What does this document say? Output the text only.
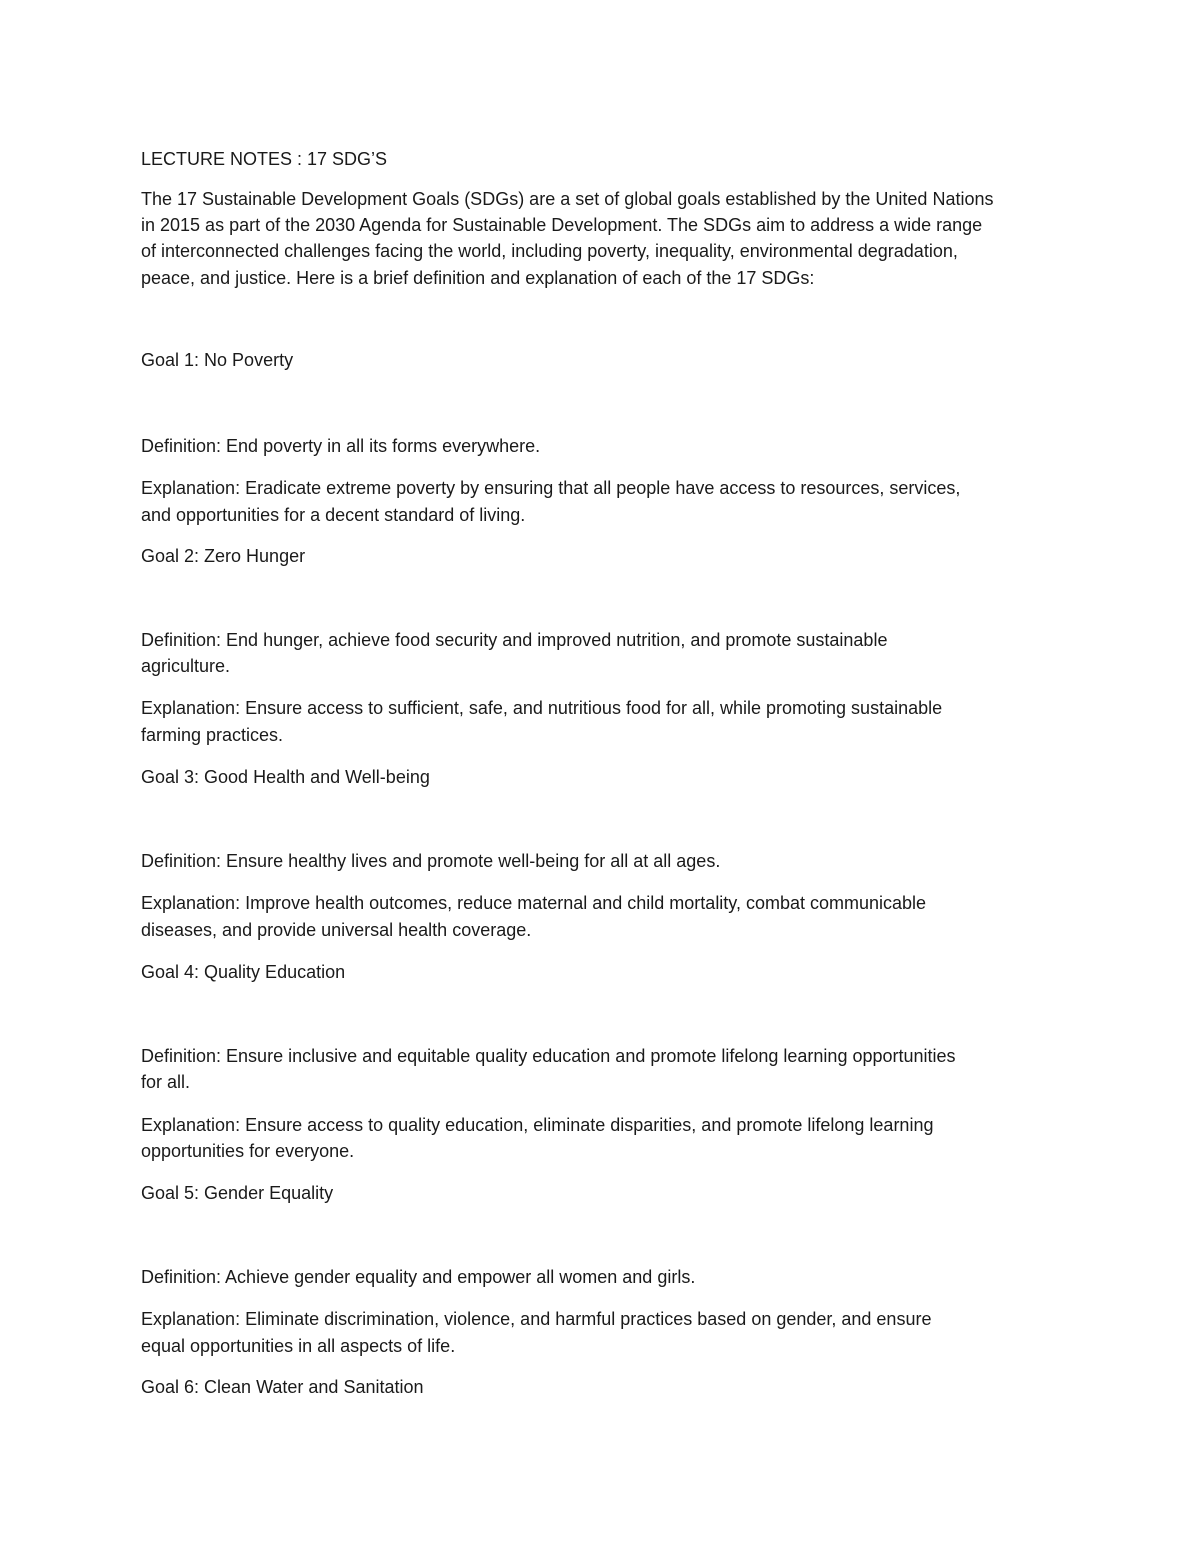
LECTURE NOTES : 17 SDG’S

The 17 Sustainable Development Goals (SDGs) are a set of global goals established by the United Nations

in 2015 as part of the 2030 Agenda for Sustainable Development. The SDGs aim to address a wide range

of interconnected challenges facing the world, including poverty, inequality, environmental degradation,

peace, and justice. Here is a brief definition and explanation of each of the 17 SDGs:

Goal 1: No Poverty

Definition: End poverty in all its forms everywhere.

Explanation: Eradicate extreme poverty by ensuring that all people have access to resources, services,

and opportunities for a decent standard of living.

Goal 2: Zero Hunger

Definition: End hunger, achieve food security and improved nutrition, and promote sustainable

agriculture.

Explanation: Ensure access to sufficient, safe, and nutritious food for all, while promoting sustainable

farming practices.

Goal 3: Good Health and Well-being

Definition: Ensure healthy lives and promote well-being for all at all ages.

Explanation: Improve health outcomes, reduce maternal and child mortality, combat communicable

diseases, and provide universal health coverage.

Goal 4: Quality Education

Definition: Ensure inclusive and equitable quality education and promote lifelong learning opportunities

for all.

Explanation: Ensure access to quality education, eliminate disparities, and promote lifelong learning

opportunities for everyone.

Goal 5: Gender Equality

Definition: Achieve gender equality and empower all women and girls.

Explanation: Eliminate discrimination, violence, and harmful practices based on gender, and ensure

equal opportunities in all aspects of life.

Goal 6: Clean Water and Sanitation
